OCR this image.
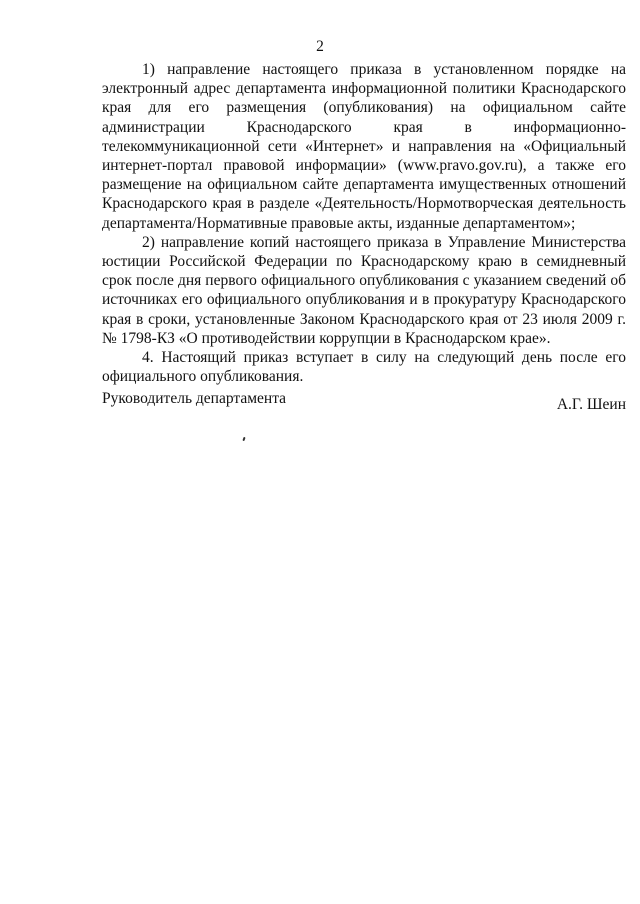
2

1) направление настоящего приказа в установленном порядке на электронный адрес департамента информационной политики Краснодарского края для его размещения (опубликования) на официальном сайте администрации Краснодарского края в информационно-телекоммуникационной сети «Интернет» и направления на «Официальный интернет-портал правовой информации» (www.pravo.gov.ru), а также его размещение на официальном сайте департамента имущественных отношений Краснодарского края в разделе «Деятельность/Нормотворческая деятельность департамента/Нормативные правовые акты, изданные департаментом»;

2) направление копий настоящего приказа в Управление Министерства юстиции Российской Федерации по Краснодарскому краю в семидневный срок после дня первого официального опубликования с указанием сведений об источниках его официального опубликования и в прокуратуру Краснодарского края в сроки, установленные Законом Краснодарского края от 23 июля 2009 г. № 1798-КЗ «О противодействии коррупции в Краснодарском крае».

4. Настоящий приказ вступает в силу на следующий день после его официального опубликования.

Руководитель департамента	А.Г. Шеин
